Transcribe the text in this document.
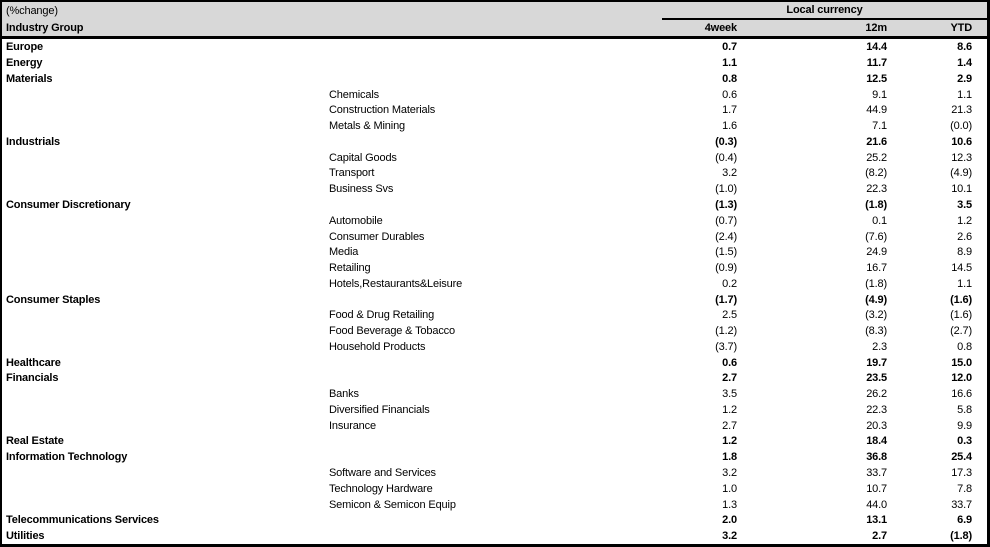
(%change)	Local currency		
Industry Group	4week	12m	YTD
Europe	0.7	14.4	8.6
Energy	1.1	11.7	1.4
Materials	0.8	12.5	2.9
Chemicals	0.6	9.1	1.1
Construction Materials	1.7	44.9	21.3
Metals & Mining	1.6	7.1	(0.0)
Industrials	(0.3)	21.6	10.6
Capital Goods	(0.4)	25.2	12.3
Transport	3.2	(8.2)	(4.9)
Business Svs	(1.0)	22.3	10.1
Consumer Discretionary	(1.3)	(1.8)	3.5
Automobile	(0.7)	0.1	1.2
Consumer Durables	(2.4)	(7.6)	2.6
Media	(1.5)	24.9	8.9
Retailing	(0.9)	16.7	14.5
Hotels,Restaurants&Leisure	0.2	(1.8)	1.1
Consumer Staples	(1.7)	(4.9)	(1.6)
Food & Drug Retailing	2.5	(3.2)	(1.6)
Food Beverage & Tobacco	(1.2)	(8.3)	(2.7)
Household Products	(3.7)	2.3	0.8
Healthcare	0.6	19.7	15.0
Financials	2.7	23.5	12.0
Banks	3.5	26.2	16.6
Diversified Financials	1.2	22.3	5.8
Insurance	2.7	20.3	9.9
Real Estate	1.2	18.4	0.3
Information Technology	1.8	36.8	25.4
Software and Services	3.2	33.7	17.3
Technology Hardware	1.0	10.7	7.8
Semicon & Semicon Equip	1.3	44.0	33.7
Telecommunications Services	2.0	13.1	6.9
Utilities	3.2	2.7	(1.8)
